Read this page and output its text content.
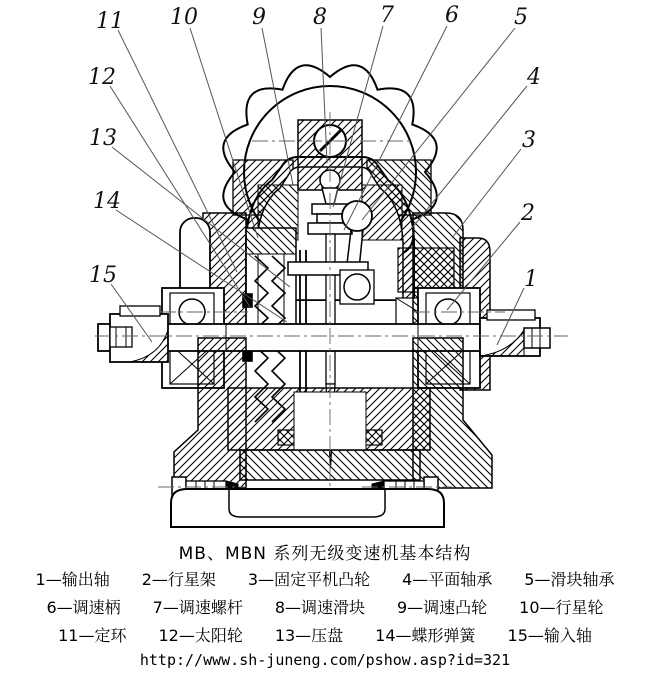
11 10 9 8 7 6	5
4
3
2
1
12
13
14
15
MB、MBN 系列无级变速机基本结构
1—输出轴　　2—行星架　　3—固定平机凸轮　　4—平面轴承　　5—滑块轴承
6—调速柄　　7—调速螺杆　　8—调速滑块　　9—调速凸轮　　10—行星轮
11—定环　　12—太阳轮　　13—压盘　　14—蝶形弹簧　　15—输入轴
http://www.sh-juneng.com/pshow.asp?id=321
